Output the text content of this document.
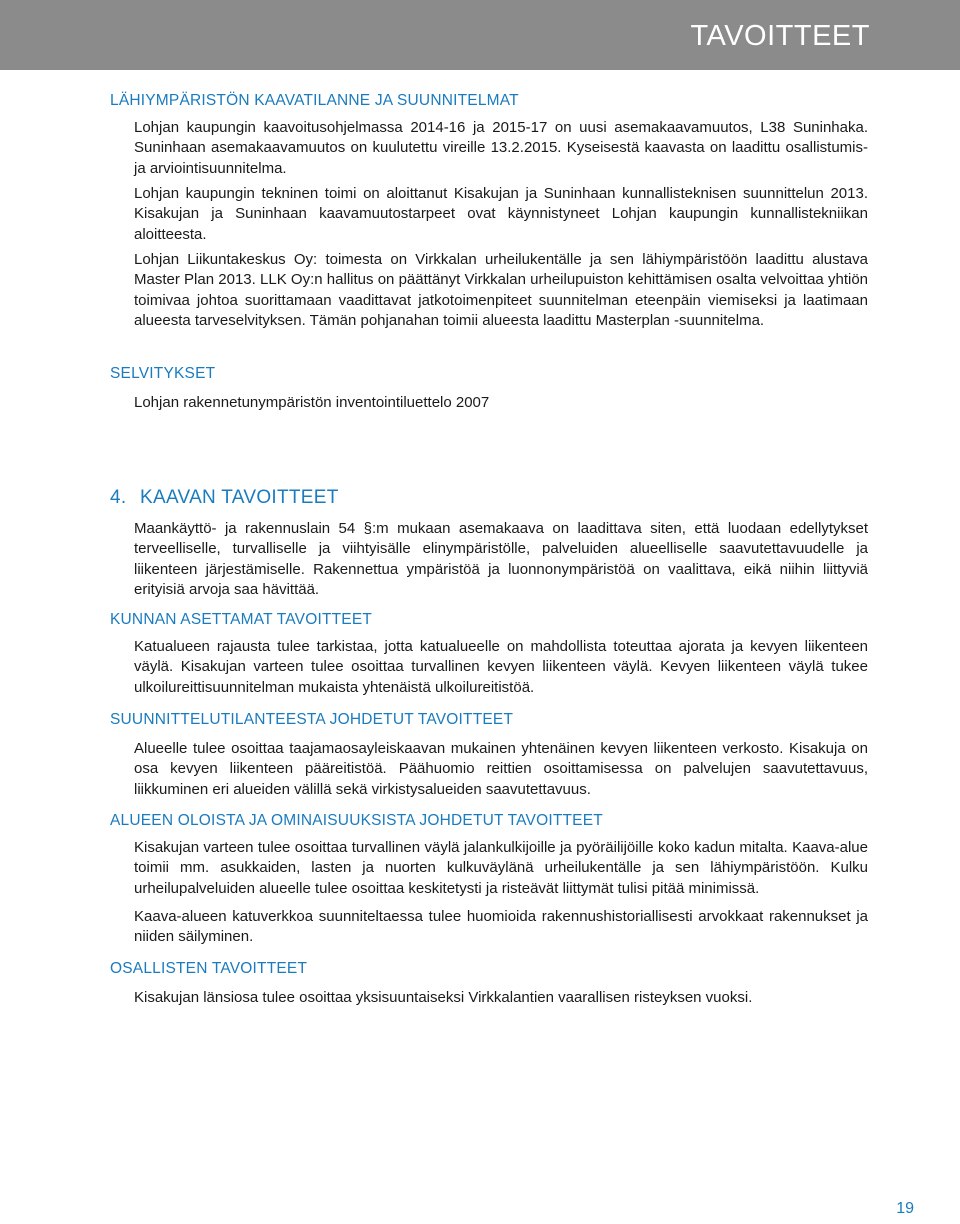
TAVOITTEET
LÄHIYMPÄRISTÖN KAAVATILANNE JA SUUNNITELMAT

Lohjan kaupungin kaavoitusohjelmassa 2014-16 ja 2015-17 on uusi asemakaavamuutos, L38 Suninhaka. Suninhaan asemakaavamuutos on kuulutettu vireille 13.2.2015. Kyseisestä kaavasta on laadittu osallistumis- ja arviointisuunnitelma.

Lohjan kaupungin tekninen toimi on aloittanut Kisakujan ja Suninhaan kunnallisteknisen suunnittelun 2013. Kisakujan ja Suninhaan kaavamuutostarpeet ovat käynnistyneet Lohjan kaupungin kunnallistekniikan aloitteesta.

Lohjan Liikuntakeskus Oy: toimesta on Virkkalan urheilukentälle ja sen lähiympäristöön laadittu alustava Master Plan 2013. LLK Oy:n hallitus on päättänyt Virkkalan urheilupuiston kehittämisen osalta velvoittaa yhtiön toimivaa johtoa suorittamaan vaadittavat jatkotoimenpiteet suunnitelman eteenpäin viemiseksi ja laatimaan alueesta tarveselvityksen. Tämän pohjanahan toimii alueesta laadittu Masterplan -suunnitelma.

SELVITYKSET

Lohjan rakennetunympäristön inventointiluettelo 2007

4. KAAVAN TAVOITTEET

Maankäyttö- ja rakennuslain 54 §:m mukaan asemakaava on laadittava siten, että luodaan edellytykset terveelliselle, turvalliselle ja viihtyisälle elinympäristölle, palveluiden alueelliselle saavutettavuudelle ja liikenteen järjestämiselle. Rakennettua ympäristöä ja luonnonympäristöä on vaalittava, eikä niihin liittyviä erityisiä arvoja saa hävittää.

KUNNAN ASETTAMAT TAVOITTEET

Katualueen rajausta tulee tarkistaa, jotta katualueelle on mahdollista toteuttaa ajorata ja kevyen liikenteen väylä. Kisakujan varteen tulee osoittaa turvallinen kevyen liikenteen väylä. Kevyen liikenteen väylä tukee ulkoilureittisuunnitelman mukaista yhtenäistä ulkoilureitistöä.

SUUNNITTELUTILANTEESTA JOHDETUT TAVOITTEET

Alueelle tulee osoittaa taajamaosayleiskaavan mukainen yhtenäinen kevyen liikenteen verkosto. Kisakuja on osa kevyen liikenteen pääreitistöä. Päähuomio reittien osoittamisessa on palvelujen saavutettavuus, liikkuminen eri alueiden välillä sekä virkistysalueiden saavutettavuus.

ALUEEN OLOISTA JA OMINAISUUKSISTA JOHDETUT TAVOITTEET

Kisakujan varteen tulee osoittaa turvallinen väylä jalankulkijoille ja pyöräilijöille koko kadun mitalta. Kaava-alue toimii mm. asukkaiden, lasten ja nuorten kulkuväylänä urheilukentälle ja sen lähiympäristöön. Kulku urheilupalveluiden alueelle tulee osoittaa keskitetysti ja risteävät liittymät tulisi pitää minimissä.

Kaava-alueen katuverkkoa suunniteltaessa tulee huomioida rakennushistoriallisesti arvokkaat rakennukset ja niiden säilyminen.

OSALLISTEN TAVOITTEET

Kisakujan länsiosa tulee osoittaa yksisuuntaiseksi Virkkalantien vaarallisen risteyksen vuoksi.

19
